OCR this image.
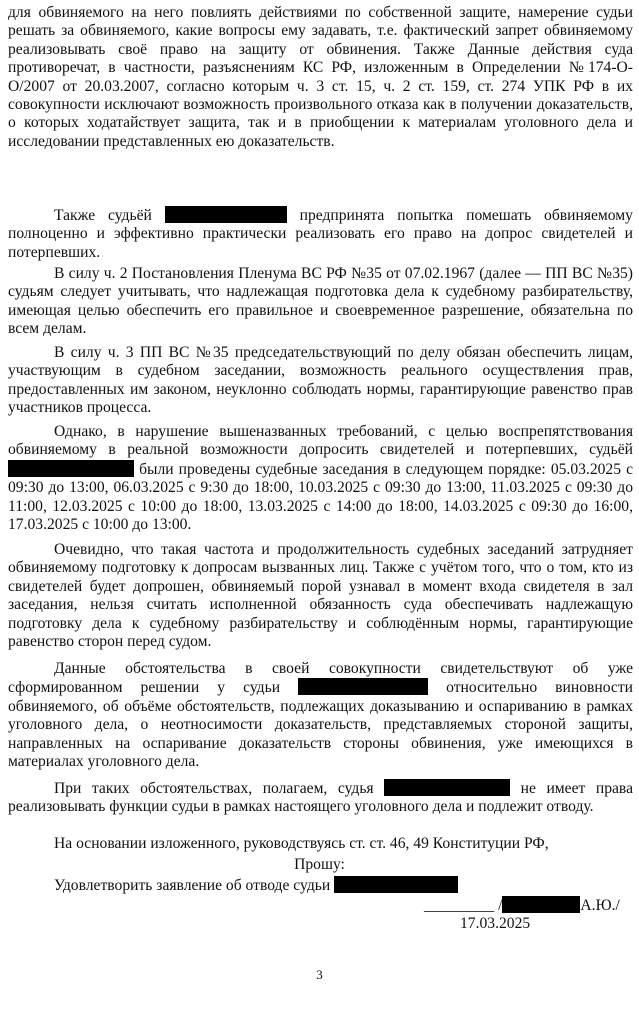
для обвиняемого на него повлиять действиями по собственной защите, намерение судьи решать за обвиняемого, какие вопросы ему задавать, т.е. фактический запрет обвиняемому реализовывать своё право на защиту от обвинения. Также Данные действия суда противоречат, в частности, разъяснениям КС РФ, изложенным в Определении №174-О-О/2007 от 20.03.2007, согласно которым ч. 3 ст. 15, ч. 2 ст. 159, ст. 274 УПК РФ в их совокупности исключают возможность произвольного отказа как в получении доказательств, о которых ходатайствует защита, так и в приобщении к материалам уголовного дела и исследовании представленных ею доказательств.

Также судьёй	предпринята попытка помешать обвиняемому полноценно и эффективно практически реализовать его право на допрос свидетелей и потерпевших.

В силу ч. 2 Постановления Пленума ВС РФ №35 от 07.02.1967 (далее — ПП ВС №35) судьям следует учитывать, что надлежащая подготовка дела к судебному разбирательству, имеющая целью обеспечить его правильное и своевременное разрешение, обязательна по всем делам.

В силу ч. 3 ПП ВС №35 председательствующий по делу обязан обеспечить лицам, участвующим в судебном заседании, возможность реального осуществления прав, предоставленных им законом, неуклонно соблюдать нормы, гарантирующие равенство прав участников процесса.

Однако, в нарушение вышеназванных требований, с целью воспрепятствования обвиняемому в реальной возможности допросить свидетелей и потерпевших, судьёй  были проведены судебные заседания в следующем порядке: 05.03.2025 с 09:30 до 13:00, 06.03.2025 с 9:30 до 18:00, 10.03.2025 с 09:30 до 13:00, 11.03.2025 с 09:30 до 11:00, 12.03.2025 с 10:00 до 18:00, 13.03.2025 с 14:00 до 18:00, 14.03.2025 с 09:30 до 16:00, 17.03.2025 с 10:00 до 13:00.

Очевидно, что такая частота и продолжительность судебных заседаний затрудняет обвиняемому подготовку к допросам вызванных лиц. Также с учётом того, что о том, кто из свидетелей будет допрошен, обвиняемый порой узнавал в момент входа свидетеля в зал заседания, нельзя считать исполненной обязанность суда обеспечивать надлежащую подготовку дела к судебному разбирательству и соблюдённым нормы, гарантирующие равенство сторон перед судом.

Данные обстоятельства в своей совокупности свидетельствуют об уже сформированном решении у судьи	относительно виновности обвиняемого, об объёме обстоятельств, подлежащих доказыванию и оспариванию в рамках уголовного дела, о неотносимости доказательств, представляемых стороной защиты, направленных на оспаривание доказательств стороны обвинения, уже имеющихся в материалах уголовного дела.

При таких обстоятельствах, полагаем, судья	не имеет права реализовывать функции судьи в рамках настоящего уголовного дела и подлежит отводу.

На основании изложенного, руководствуясь ст. ст. 46, 49 Конституции РФ,
Прошу:
Удовлетворить заявление об отводе судьи
_________ /	А.Ю./
17.03.2025
3
